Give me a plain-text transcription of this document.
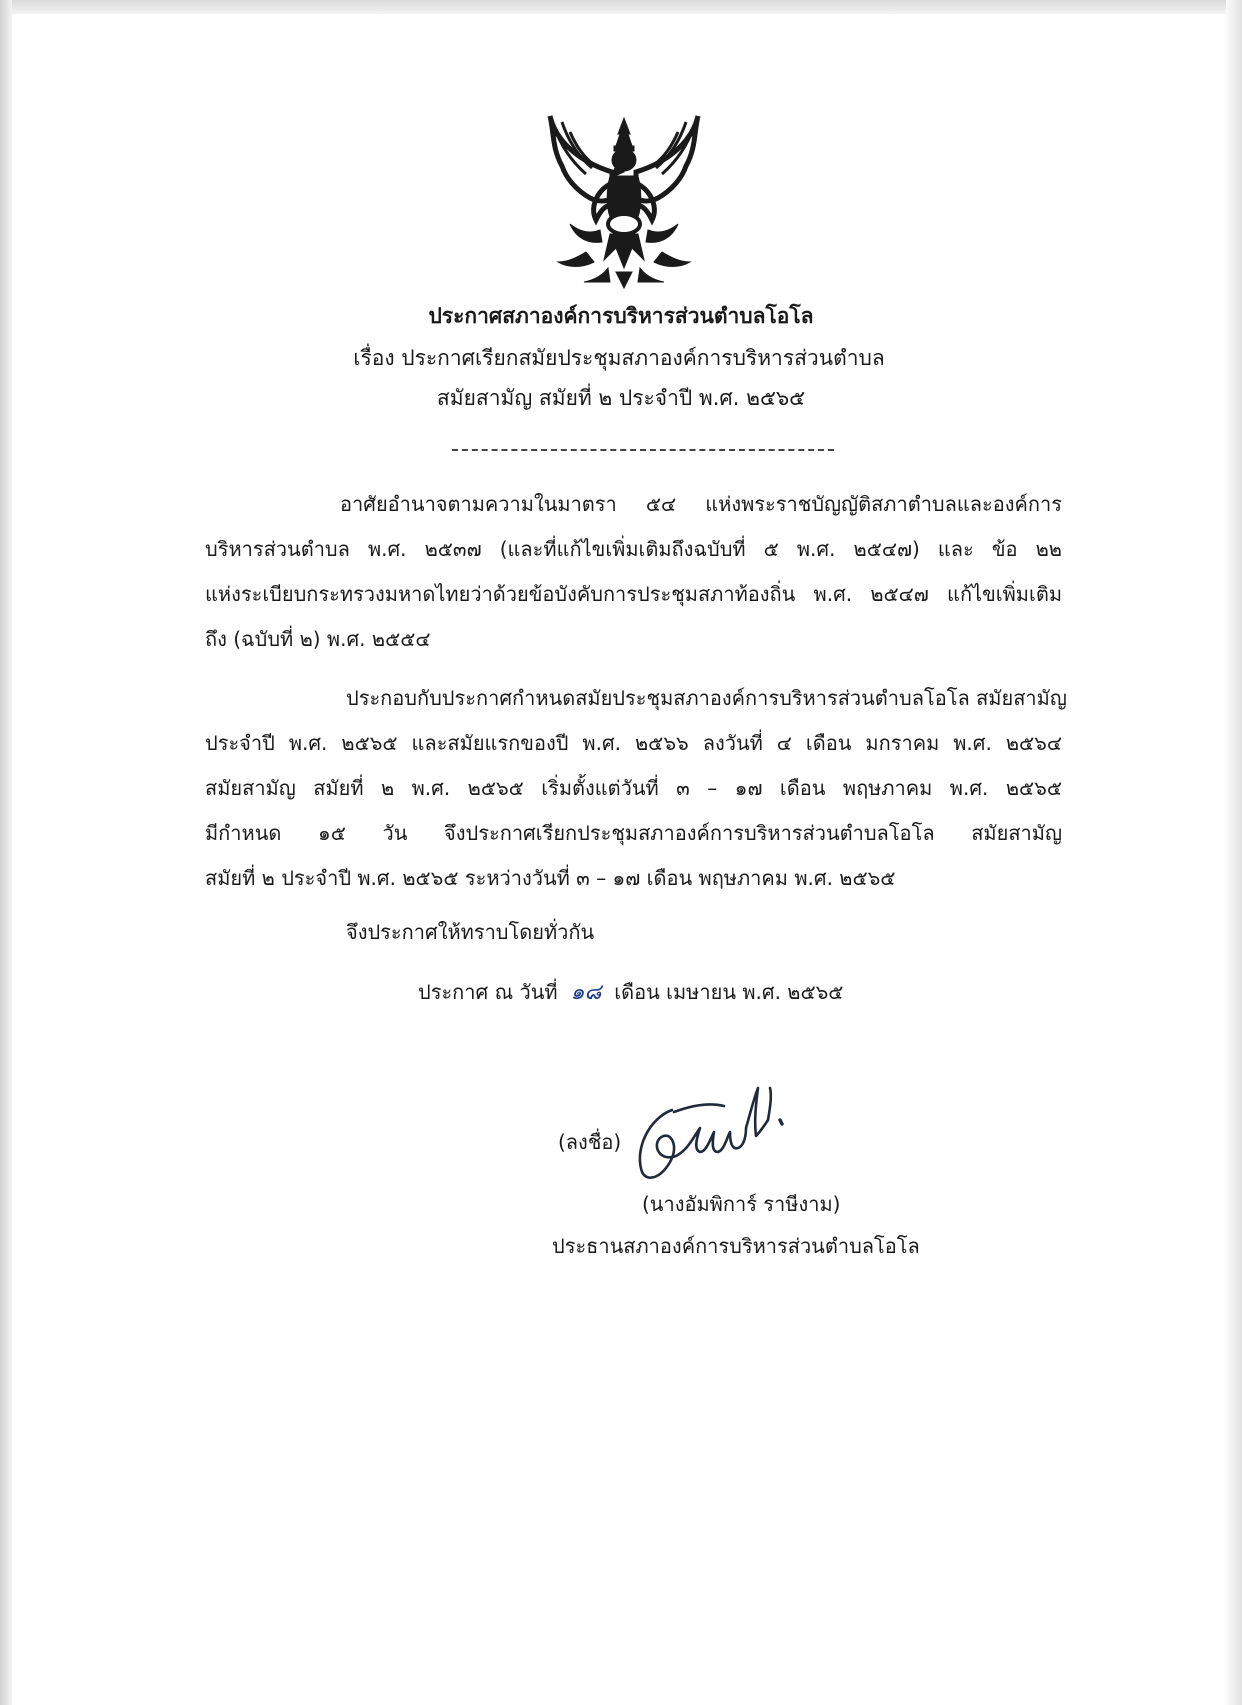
ประกาศสภาองค์การบริหารส่วนตำบลโอโล
เรื่อง ประกาศเรียกสมัยประชุมสภาองค์การบริหารส่วนตำบล
สมัยสามัญ สมัยที่ ๒ ประจำปี พ.ศ. ๒๕๖๕
อาศัยอำนาจตามความในมาตรา ๕๔ แห่งพระราชบัญญัติสภาตำบลและองค์การ
บริหารส่วนตำบล พ.ศ. ๒๕๓๗ (และที่แก้ไขเพิ่มเติมถึงฉบับที่ ๕ พ.ศ. ๒๕๔๗) และ ข้อ ๒๒
แห่งระเบียบกระทรวงมหาดไทยว่าด้วยข้อบังคับการประชุมสภาท้องถิ่น พ.ศ. ๒๕๔๗ แก้ไขเพิ่มเติม
ถึง (ฉบับที่ ๒) พ.ศ. ๒๕๕๔
ประกอบกับประกาศกำหนดสมัยประชุมสภาองค์การบริหารส่วนตำบลโอโล สมัยสามัญ
ประจำปี พ.ศ. ๒๕๖๕ และสมัยแรกของปี พ.ศ. ๒๕๖๖ ลงวันที่ ๔ เดือน มกราคม พ.ศ. ๒๕๖๔
สมัยสามัญ สมัยที่ ๒ พ.ศ. ๒๕๖๕ เริ่มตั้งแต่วันที่ ๓ – ๑๗ เดือน พฤษภาคม พ.ศ. ๒๕๖๕
มีกำหนด ๑๕ วัน จึงประกาศเรียกประชุมสภาองค์การบริหารส่วนตำบลโอโล สมัยสามัญ
สมัยที่ ๒ ประจำปี พ.ศ. ๒๕๖๕ ระหว่างวันที่ ๓ – ๑๗ เดือน พฤษภาคม พ.ศ. ๒๕๖๕
จึงประกาศให้ทราบโดยทั่วกัน
ประกาศ ณ วันที่ ๑๘ เดือน เมษายน พ.ศ. ๒๕๖๕
(ลงชื่อ)
(นางอัมพิการ์ ราษีงาม)
ประธานสภาองค์การบริหารส่วนตำบลโอโล
